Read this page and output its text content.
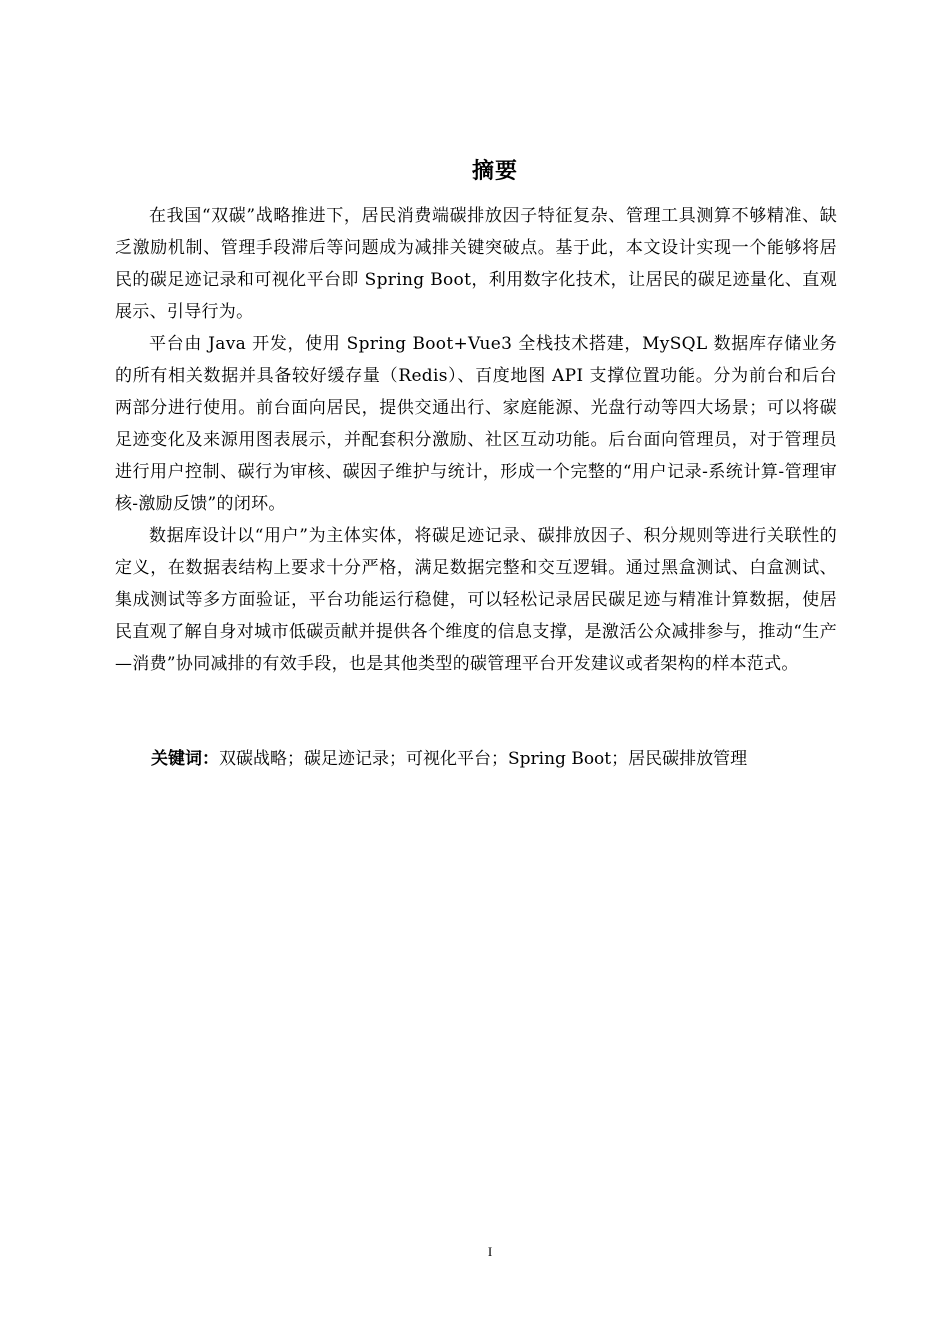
摘要

在我国“双碳”战略推进下，居民消费端碳排放因子特征复杂、管理工具测算不够精准、缺乏激励机制、管理手段滞后等问题成为减排关键突破点。基于此，本文设计实现一个能够将居民的碳足迹记录和可视化平台即 Spring Boot，利用数字化技术，让居民的碳足迹量化、直观展示、引导行为。

平台由 Java 开发，使用 Spring Boot+Vue3 全栈技术搭建，MySQL 数据库存储业务的所有相关数据并具备较好缓存量（Redis）、百度地图 API 支撑位置功能。分为前台和后台两部分进行使用。前台面向居民，提供交通出行、家庭能源、光盘行动等四大场景；可以将碳足迹变化及来源用图表展示，并配套积分激励、社区互动功能。后台面向管理员，对于管理员进行用户控制、碳行为审核、碳因子维护与统计，形成一个完整的“用户记录-系统计算-管理审核-激励反馈”的闭环。

数据库设计以“用户”为主体实体，将碳足迹记录、碳排放因子、积分规则等进行关联性的定义，在数据表结构上要求十分严格，满足数据完整和交互逻辑。通过黑盒测试、白盒测试、集成测试等多方面验证，平台功能运行稳健，可以轻松记录居民碳足迹与精准计算数据，使居民直观了解自身对城市低碳贡献并提供各个维度的信息支撑，是激活公众减排参与，推动“生产—消费”协同减排的有效手段，也是其他类型的碳管理平台开发建议或者架构的样本范式。

关键词：双碳战略；碳足迹记录；可视化平台；Spring Boot；居民碳排放管理
I
